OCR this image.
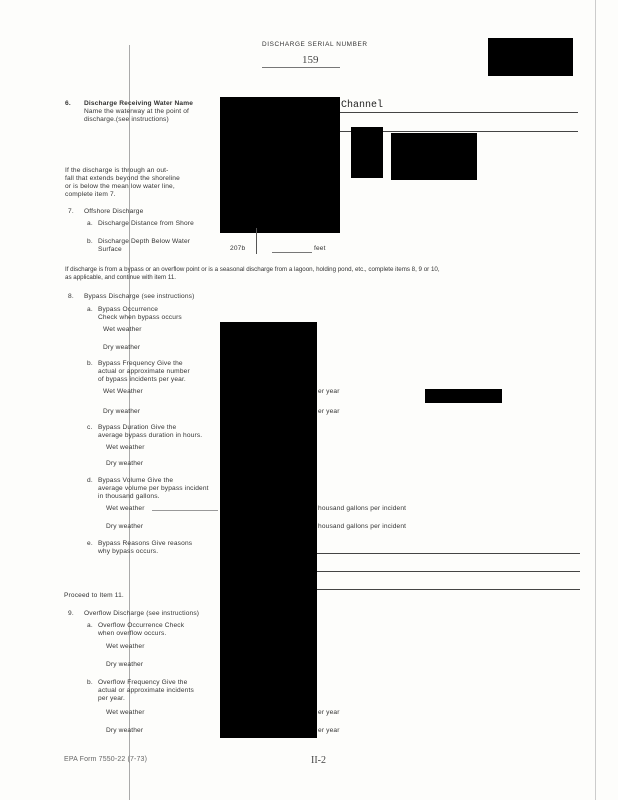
DISCHARGE SERIAL NUMBER
159
6. Discharge Receiving Water Name
Name the waterway at the point of
discharge.(see instructions)
Channel
If the discharge is through an out-
fall that extends beyond the shoreline
or is below the mean low water line,
complete item 7.
7. Offshore Discharge
a. Discharge Distance from Shore
b. Discharge Depth Below Water
Surface	207b	feet
If discharge is from a bypass or an overflow point or is a seasonal discharge from a lagoon, holding pond, etc., complete items 8, 9 or 10,
as applicable, and continue with item 11.
8. Bypass Discharge (see instructions)
a. Bypass Occurrence
Check when bypass occurs
Wet weather
Dry weather
b. Bypass Frequency Give the
actual or approximate number
of bypass incidents per year.
Wet Weather	er year
Dry weather	er year
c. Bypass Duration Give the
average bypass duration in hours.
Wet weather
Dry weather
d. Bypass Volume Give the
average volume per bypass incident
in thousand gallons.
Wet weather	housand gallons per incident
Dry weather	housand gallons per incident
e. Bypass Reasons Give reasons
why bypass occurs.
Proceed to Item 11.
9. Overflow Discharge (see instructions)
a. Overflow Occurrence Check
when overflow occurs.
Wet weather
Dry weather
b. Overflow Frequency Give the
actual or approximate incidents
per year.
Wet weather	er year
Dry weather	er year
EPA Form 7550-22 (7-73)	II-2
